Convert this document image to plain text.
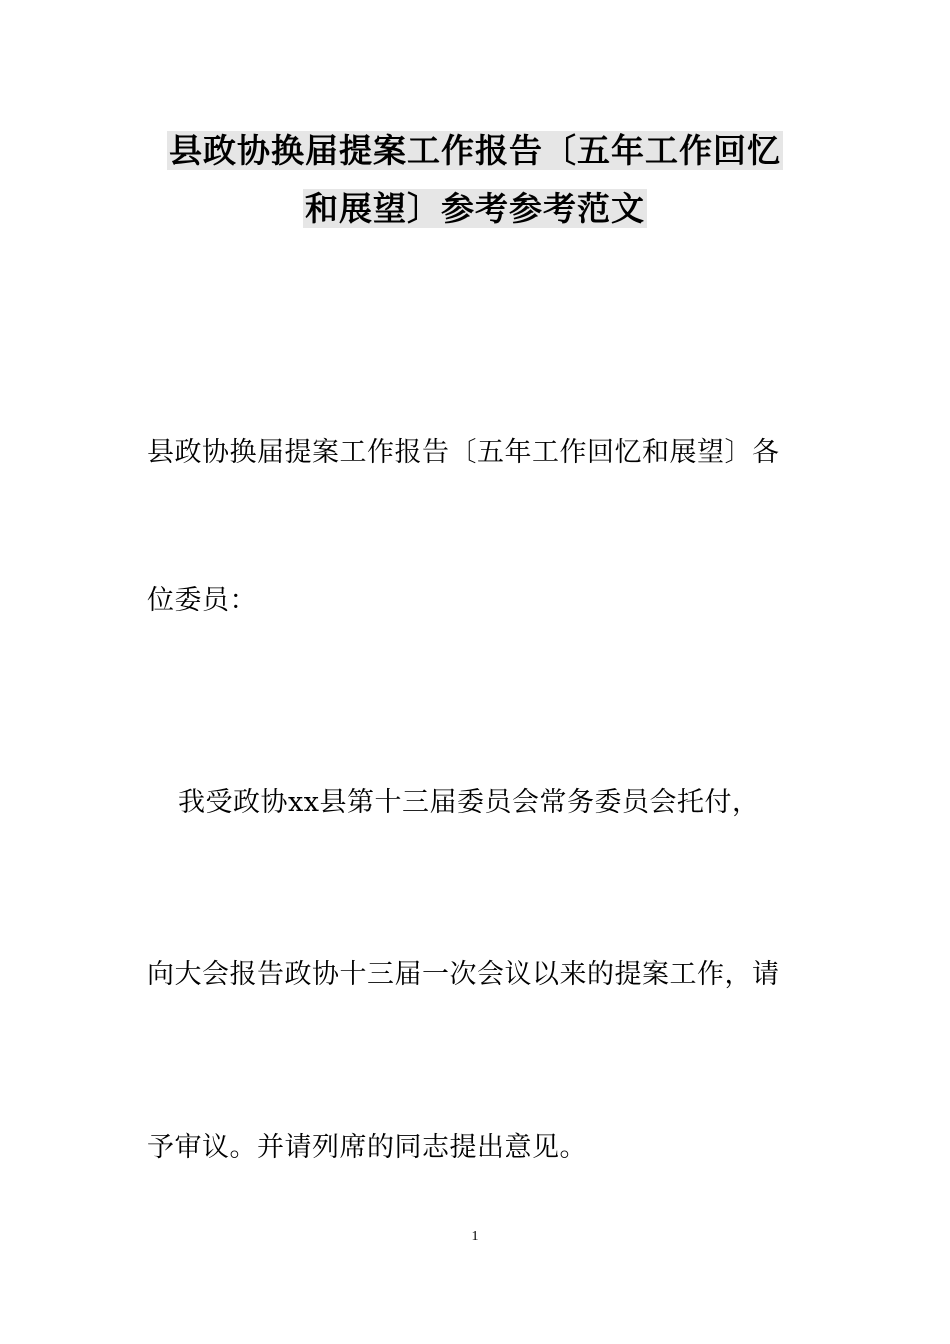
县政协换届提案工作报告〔五年工作回忆
和展望〕参考参考范文
县政协换届提案工作报告〔五年工作回忆和展望〕各
位委员：
我受政协xx县第十三届委员会常务委员会托付，
向大会报告政协十三届一次会议以来的提案工作，请
予审议。并请列席的同志提出意见。
1
